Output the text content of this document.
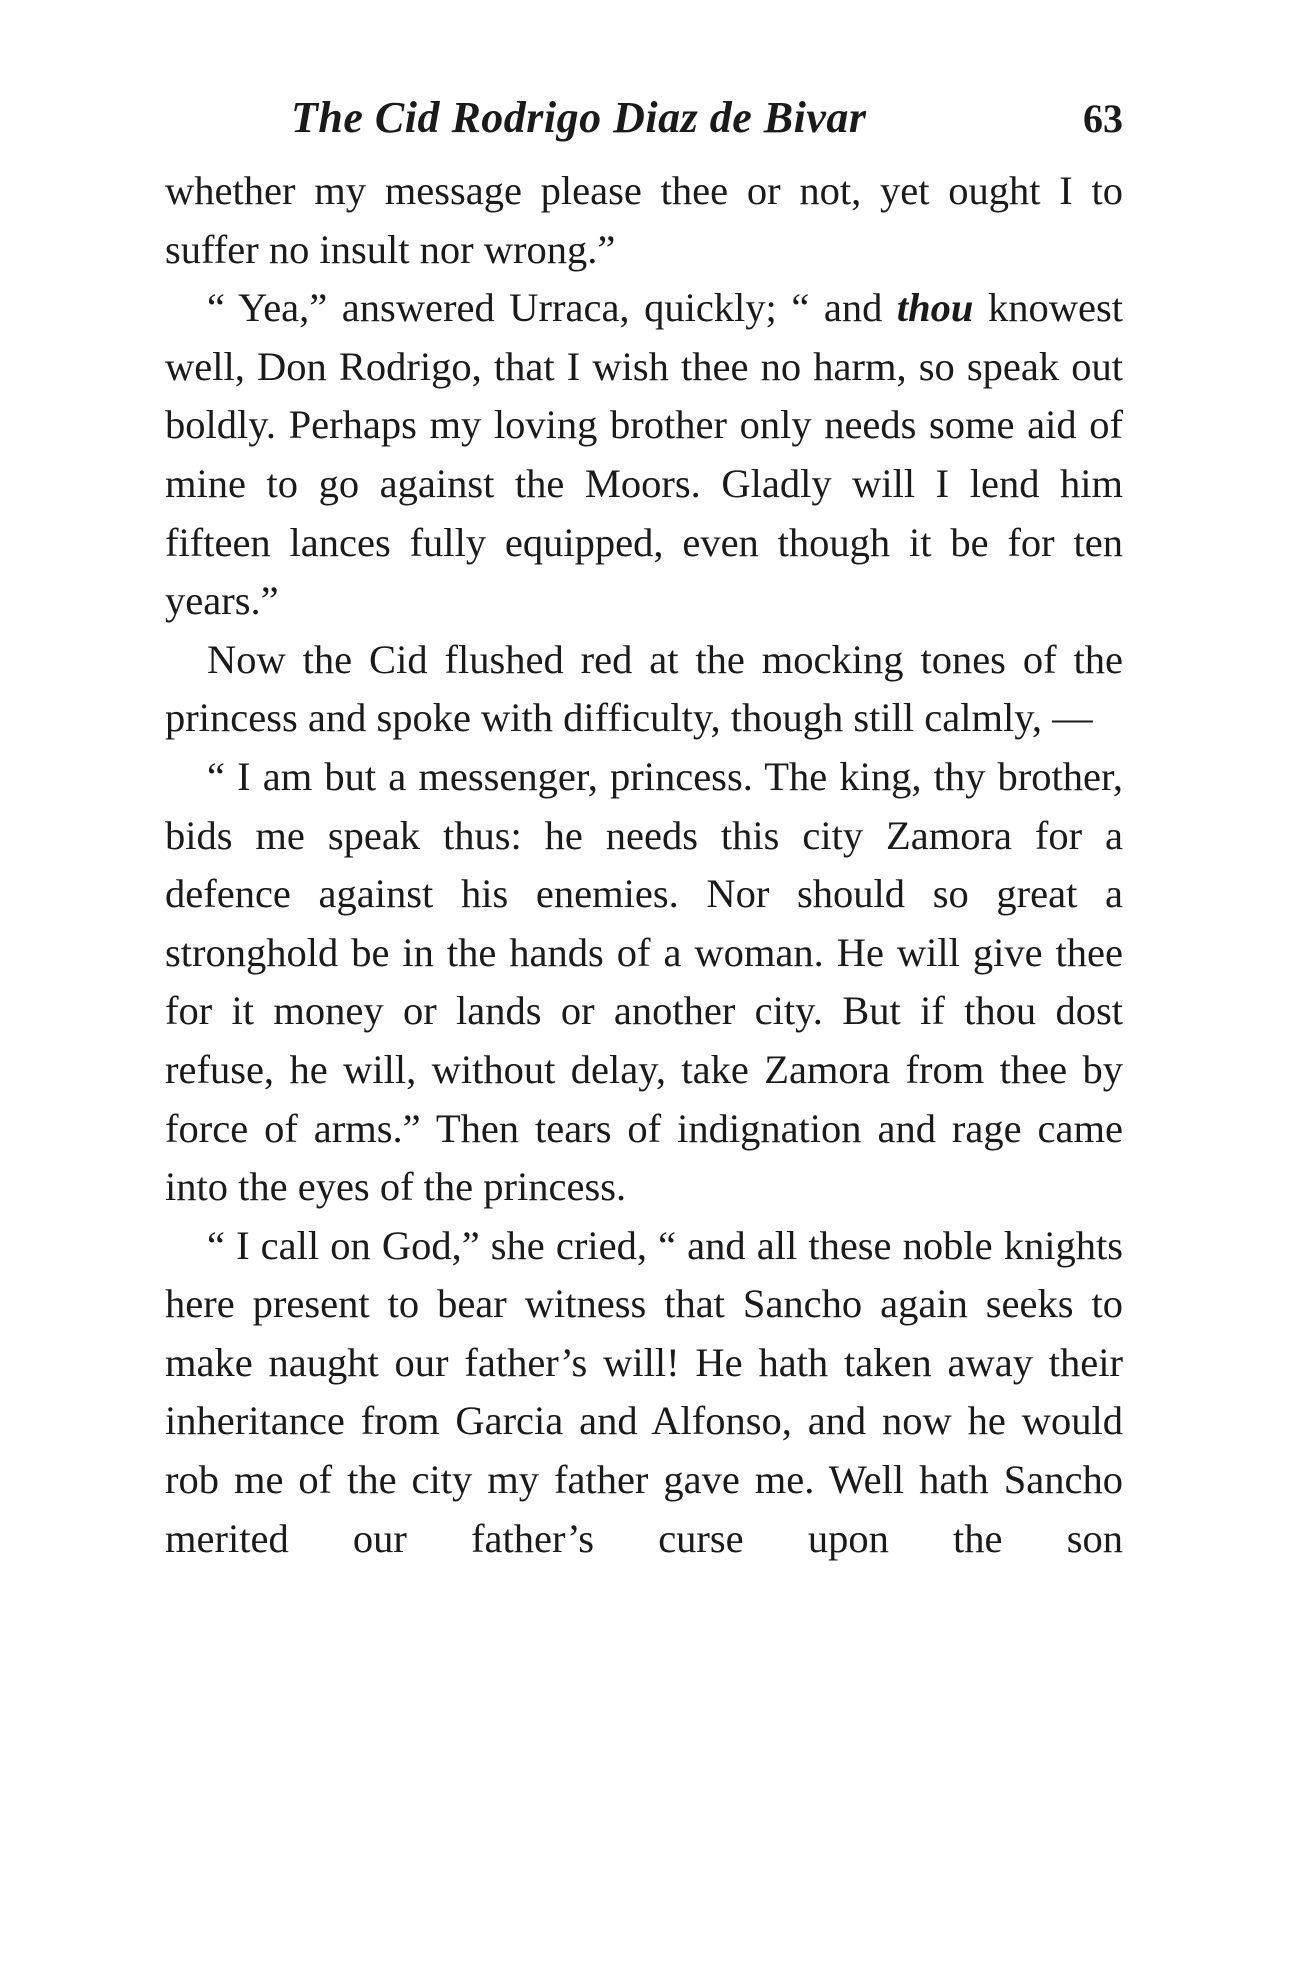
The Cid Rodrigo Diaz de Bivar	63

whether my message please thee or not, yet ought I to suffer no insult nor wrong.”

“ Yea,” answered Urraca, quickly; “ and thou knowest well, Don Rodrigo, that I wish thee no harm, so speak out boldly. Perhaps my loving brother only needs some aid of mine to go against the Moors. Gladly will I lend him fifteen lances fully equipped, even though it be for ten years.”

Now the Cid flushed red at the mocking tones of the princess and spoke with difficulty, though still calmly, —

“ I am but a messenger, princess. The king, thy brother, bids me speak thus: he needs this city Zamora for a defence against his enemies. Nor should so great a stronghold be in the hands of a woman. He will give thee for it money or lands or another city. But if thou dost refuse, he will, without delay, take Zamora from thee by force of arms.” Then tears of indignation and rage came into the eyes of the princess.

“ I call on God,” she cried, “ and all these noble knights here present to bear witness that Sancho again seeks to make naught our father’s will! He hath taken away their inheritance from Garcia and Alfonso, and now he would rob me of the city my father gave me. Well hath Sancho merited our father’s curse upon the son
